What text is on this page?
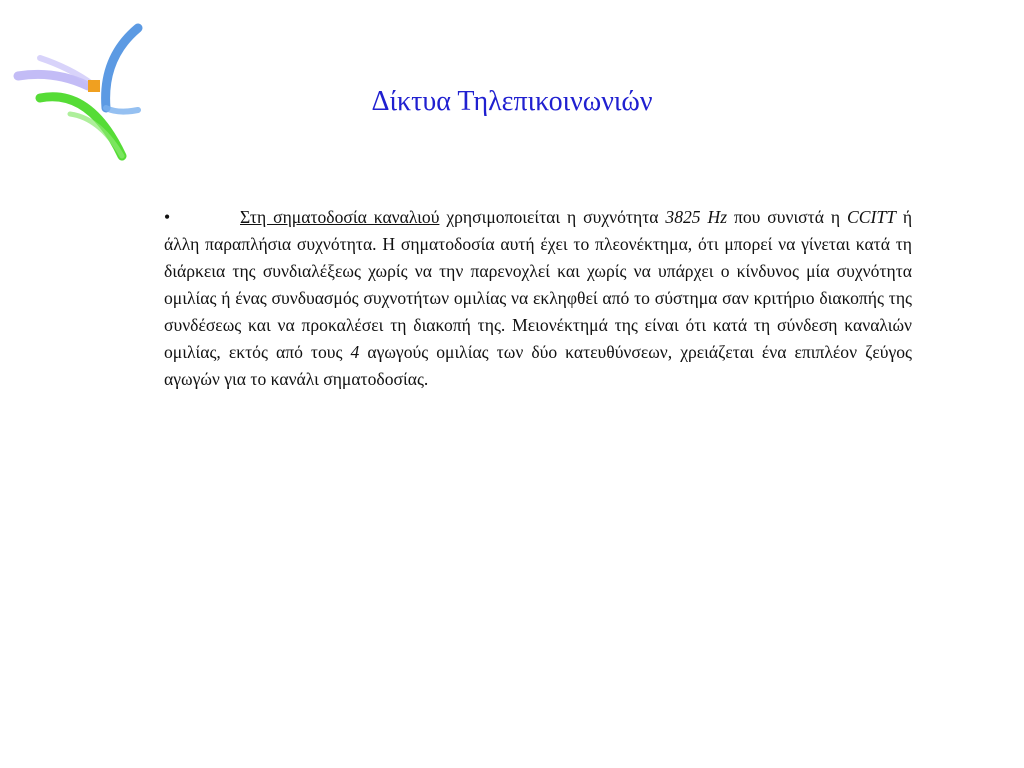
Δίκτυα Τηλεπικοινωνιών
•	Στη σηματοδοσία καναλιού χρησιμοποιείται η συχνότητα 3825 Hz που συνιστά η CCITT ή άλλη παραπλήσια συχνότητα. Η σηματοδοσία αυτή έχει το πλεονέκτημα, ότι μπορεί να γίνεται κατά τη διάρκεια της συνδιαλέξεως χωρίς να την παρενοχλεί και χωρίς να υπάρχει ο κίνδυνος μία συχνότητα ομιλίας ή ένας συνδυασμός συχνοτήτων ομιλίας να εκληφθεί από το σύστημα σαν κριτήριο διακοπής της συνδέσεως και να προκαλέσει τη διακοπή της. Μειονέκτημά της είναι ότι κατά τη σύνδεση καναλιών ομιλίας, εκτός από τους 4 αγωγούς ομιλίας των δύο κατευθύνσεων, χρειάζεται ένα επιπλέον ζεύγος αγωγών για το κανάλι σηματοδοσίας.
